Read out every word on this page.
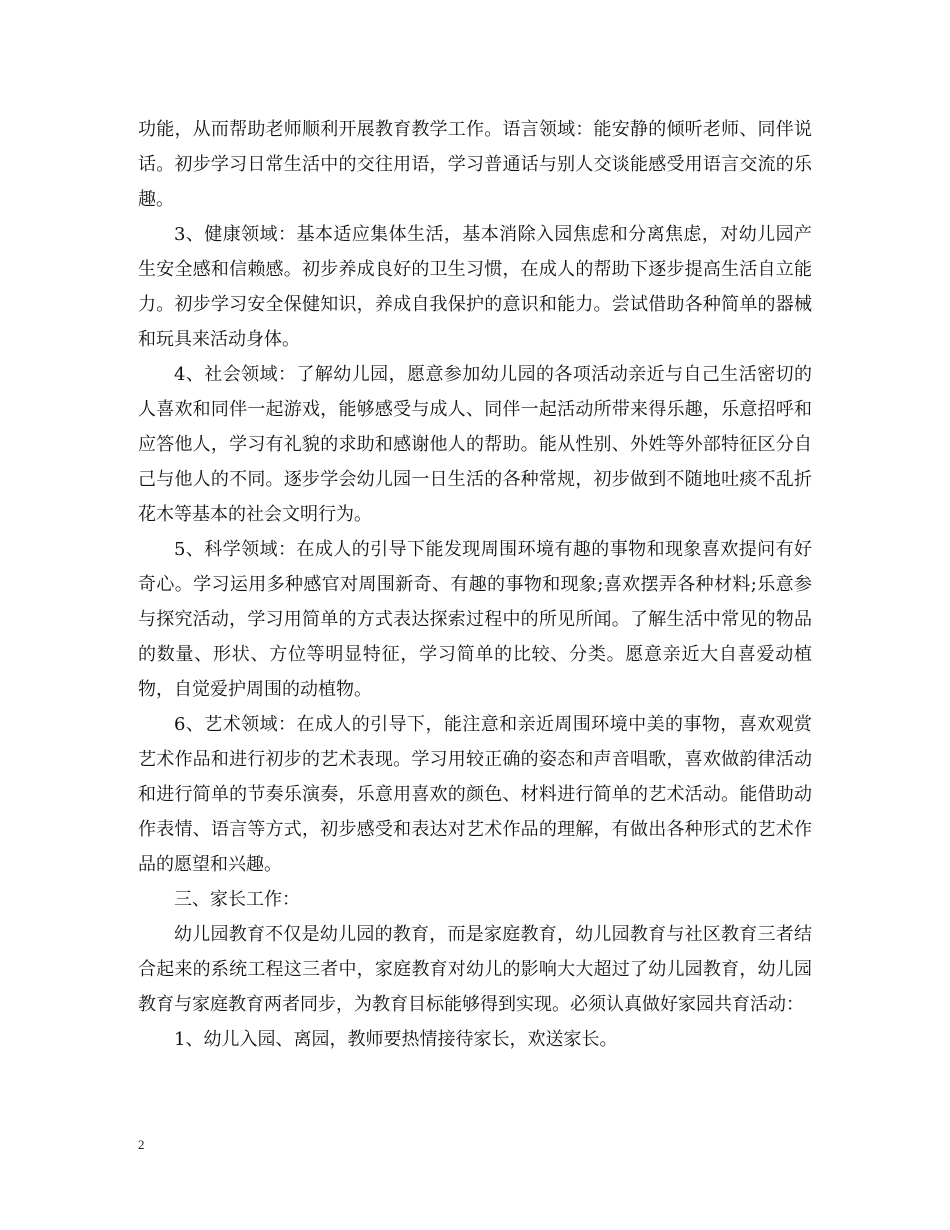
功能，从而帮助老师顺利开展教育教学工作。语言领域：能安静的倾听老师、同伴说话。初步学习日常生活中的交往用语，学习普通话与别人交谈能感受用语言交流的乐趣。

3、健康领域：基本适应集体生活，基本消除入园焦虑和分离焦虑，对幼儿园产生安全感和信赖感。初步养成良好的卫生习惯，在成人的帮助下逐步提高生活自立能力。初步学习安全保健知识，养成自我保护的意识和能力。尝试借助各种简单的器械和玩具来活动身体。

4、社会领域：了解幼儿园，愿意参加幼儿园的各项活动亲近与自己生活密切的人喜欢和同伴一起游戏，能够感受与成人、同伴一起活动所带来得乐趣，乐意招呼和应答他人，学习有礼貌的求助和感谢他人的帮助。能从性别、外姓等外部特征区分自己与他人的不同。逐步学会幼儿园一日生活的各种常规，初步做到不随地吐痰不乱折花木等基本的社会文明行为。

5、科学领域：在成人的引导下能发现周围环境有趣的事物和现象喜欢提问有好奇心。学习运用多种感官对周围新奇、有趣的事物和现象;喜欢摆弄各种材料;乐意参与探究活动，学习用简单的方式表达探索过程中的所见所闻。了解生活中常见的物品的数量、形状、方位等明显特征，学习简单的比较、分类。愿意亲近大自喜爱动植物，自觉爱护周围的动植物。

6、艺术领域：在成人的引导下，能注意和亲近周围环境中美的事物，喜欢观赏艺术作品和进行初步的艺术表现。学习用较正确的姿态和声音唱歌，喜欢做韵律活动和进行简单的节奏乐演奏，乐意用喜欢的颜色、材料进行简单的艺术活动。能借助动作表情、语言等方式，初步感受和表达对艺术作品的理解，有做出各种形式的艺术作品的愿望和兴趣。

三、家长工作：

幼儿园教育不仅是幼儿园的教育，而是家庭教育，幼儿园教育与社区教育三者结合起来的系统工程这三者中，家庭教育对幼儿的影响大大超过了幼儿园教育，幼儿园教育与家庭教育两者同步，为教育目标能够得到实现。必须认真做好家园共育活动：

1、幼儿入园、离园，教师要热情接待家长，欢送家长。

2
